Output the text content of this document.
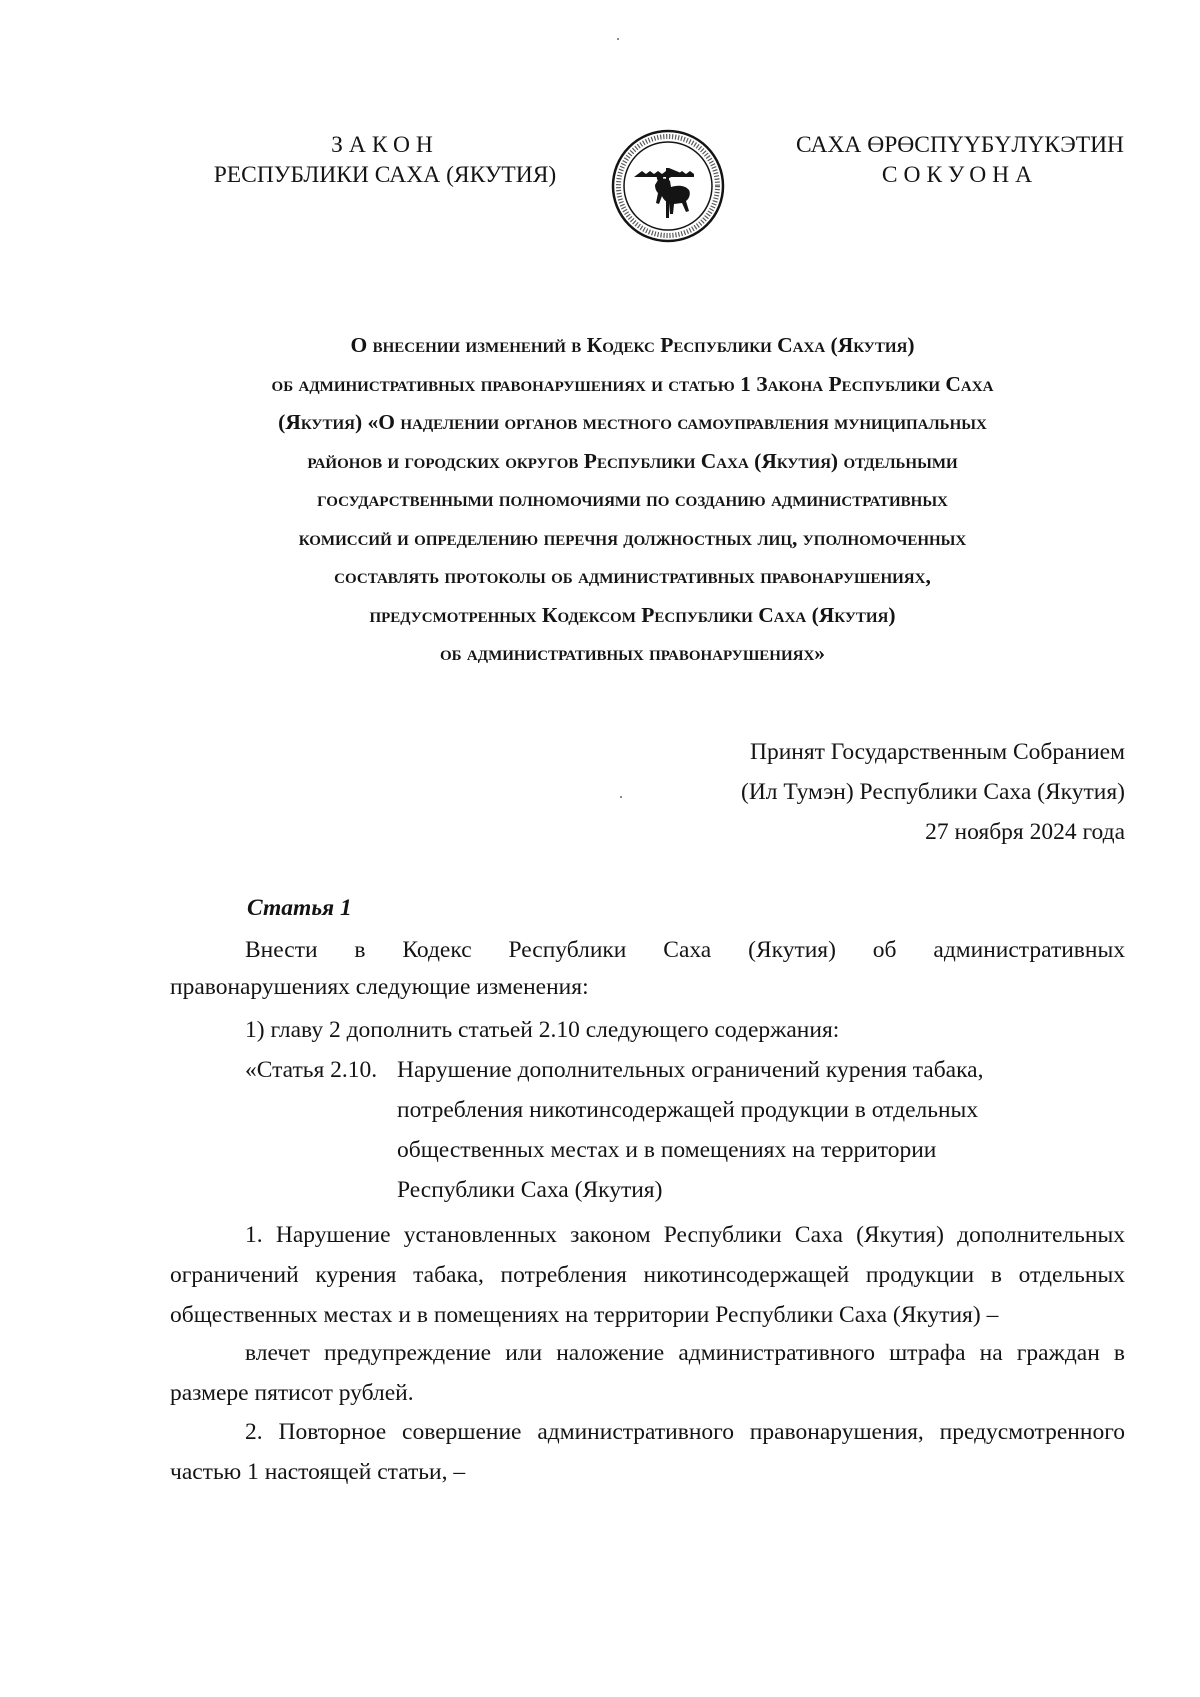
ЗАКОН
РЕСПУБЛИКИ САХА (ЯКУТИЯ)
САХА ӨРӨСПҮҮБҮЛҮКЭТИН
СОКУОНА
О внесении изменений в Кодекс Республики Саха (Якутия)
об административных правонарушениях и статью 1 Закона Республики Саха
(Якутия) «О наделении органов местного самоуправления муниципальных
районов и городских округов Республики Саха (Якутия) отдельными
государственными полномочиями по созданию административных
комиссий и определению перечня должностных лиц, уполномоченных
составлять протоколы об административных правонарушениях,
предусмотренных Кодексом Республики Саха (Якутия)
об административных правонарушениях»
Принят Государственным Собранием
(Ил Тумэн) Республики Саха (Якутия)
27 ноября 2024 года
Статья 1
Внести в Кодекс Республики Саха (Якутия) об административных
правонарушениях следующие изменения:
1) главу 2 дополнить статьей 2.10 следующего содержания:
«Статья 2.10. Нарушение дополнительных ограничений курения табака,
потребления никотинсодержащей продукции в отдельных
общественных местах и в помещениях на территории
Республики Саха (Якутия)
1. Нарушение установленных законом Республики Саха (Якутия) дополнительных ограничений курения табака, потребления никотинсодержащей продукции в отдельных общественных местах и в помещениях на территории Республики Саха (Якутия) –
влечет предупреждение или наложение административного штрафа на граждан в размере пятисот рублей.
2. Повторное совершение административного правонарушения, предусмотренного частью 1 настоящей статьи, –
